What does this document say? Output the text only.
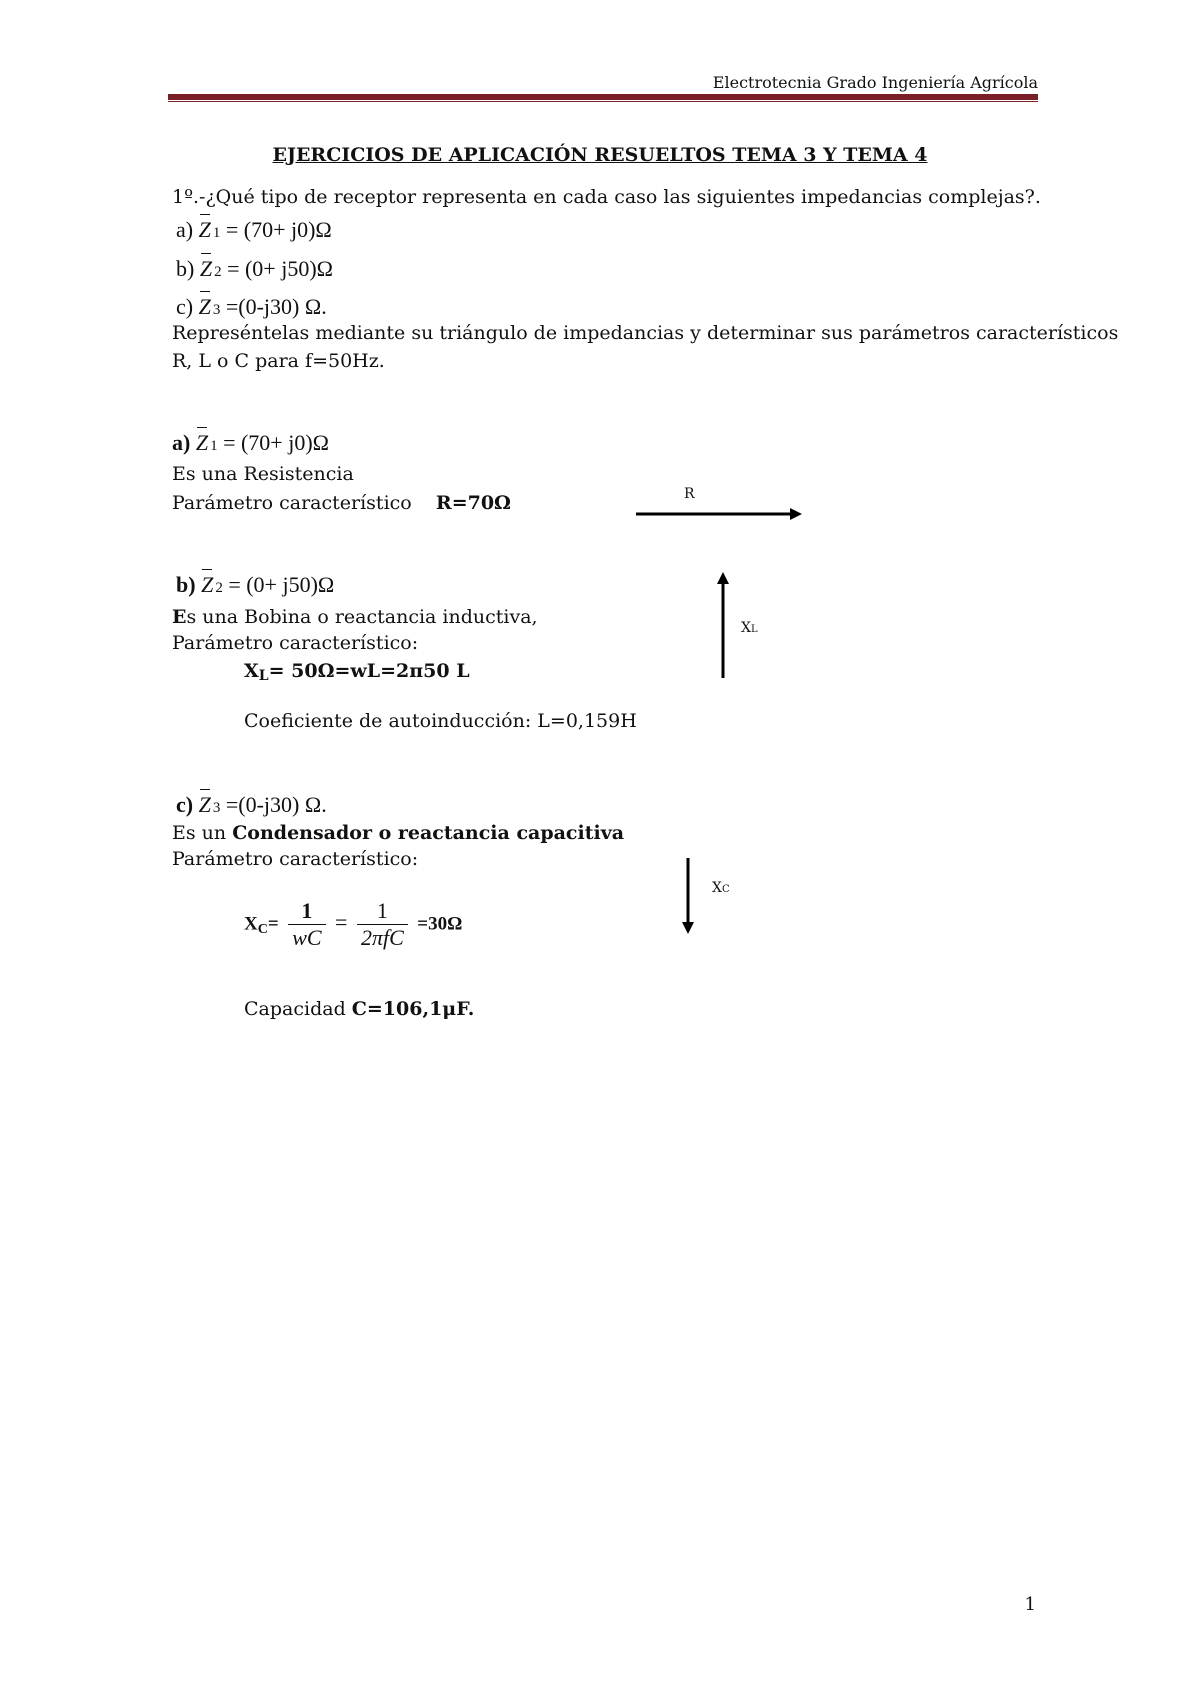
Electrotecnia Grado Ingeniería Agrícola
EJERCICIOS DE APLICACIÓN RESUELTOS TEMA 3 Y TEMA 4
1º.-¿Qué tipo de receptor representa en cada caso las siguientes impedancias complejas?.
a) Z 1 = (70+ j0)Ω
b) Z 2 = (0+ j50)Ω
c) Z 3 =(0-j30) Ω.
Represéntelas mediante su triángulo de impedancias y determinar sus parámetros característicos
R, L o C para f=50Hz.
a) Z 1 = (70+ j0)Ω
Es una Resistencia
Parámetro característico R=70Ω	R
b) Z 2 = (0+ j50)Ω
Es una Bobina o reactancia inductiva,
Parámetro característico:
XL= 50Ω=wL=2π50 L
Coeficiente de autoinducción: L=0,159H
XL
c) Z 3 =(0-j30) Ω.
Es un Condensador o reactancia capacitiva
Parámetro característico:
$XC= \frac{1}{wC} = \frac{1}{\text{2πfC}} =30\Omega$
Capacidad C=106,1μF.
XC
1
